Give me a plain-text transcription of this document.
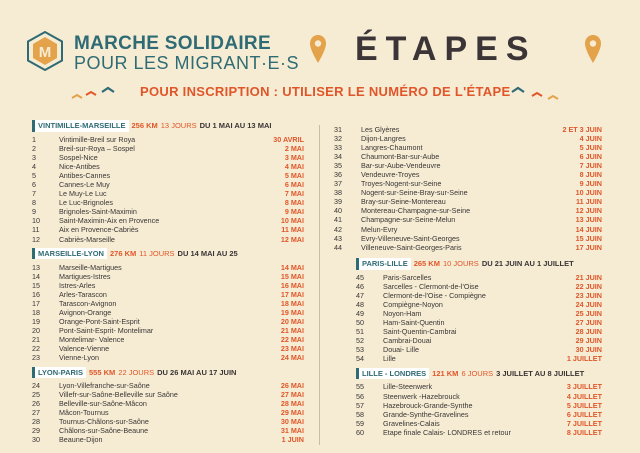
M MARCHE SOLIDAIRE
POUR LES MIGRANT·E·S ÉTAPES
POUR INSCRIPTION : UTILISER LE NUMÉRO DE L'ÉTAPE
VINTIMILLE-MARSEILLE 256 KM 13 JOURS DU 1 MAI AU 13 MAI
1	Vintimille-Breil sur Roya	30 AVRIL
2	Breil-sur-Roya – Sospel	2 MAI
3	Sospel-Nice	3 MAI
4	Nice-Antibes	4 MAI
5	Antibes-Cannes	5 MAI
6	Cannes-Le Muy	6 MAI
7	Le Muy-Le Luc	7 MAI
8	Le Luc-Brignoles	8 MAI
9	Brignoles-Saint-Maximin	9 MAI
10	Saint-Maximin-Aix en Provence	10 MAI
11	Aix en Provence-Cabriès	11 MAI
12	Cabriès-Marseille	12 MAI
MARSEILLE-LYON 276 KM 11 JOURS DU 14 MAI AU 25
13	Marseille-Martigues	14 MAI
14	Martigues-Istres	15 MAI
15	Istres-Arles	16 MAI
16	Arles-Tarascon	17 MAI
17	Tarascon-Avignon	18 MAI
18	Avignon-Orange	19 MAI
19	Orange-Pont-Saint-Esprit	20 MAI
20	Pont-Saint-Esprit- Montelimar	21 MAI
21	Montelimar- Valence	22 MAI
22	Valence-Vienne	23 MAI
23	Vienne-Lyon	24 MAI
LYON-PARIS 555 KM 22 JOURS DU 26 MAI AU 17 JUIN
24	Lyon-Villefranche-sur-Saône	26 MAI
25	Villefr-sur-Saône-Belleville sur Saône	27 MAI
26	Belleville-sur-Saône-Mâcon	28 MAI
27	Mâcon-Tournus	29 MAI
28	Tournus-Châlons-sur-Saône	30 MAI
29	Châlons-sur-Saône-Beaune	31 MAI
30	Beaune-Dijon	1 JUIN
31	Les Glyères	2 ET 3 JUIN
32	Dijon-Langres	4 JUIN
33	Langres-Chaumont	5 JUIN
34	Chaumont-Bar-sur-Aube	6 JUIN
35	Bar-sur-Aube-Vendeuvre	7 JUIN
36	Vendeuvre-Troyes	8 JUIN
37	Troyes-Nogent-sur-Seine	9 JUIN
38	Nogent-sur-Seine-Bray-sur-Seine	10 JUIN
39	Bray-sur-Seine-Montereau	11 JUIN
40	Montereau-Champagne-sur-Seine	12 JUIN
41	Champagne-sur-Seine-Melun	13 JUIN
42	Melun-Evry	14 JUIN
43	Evry-Villeneuve-Saint-Georges	15 JUIN
44	Villeneuve-Saint-Georges-Paris	17 JUIN
PARIS-LILLE 265 KM 10 JOURS DU 21 JUIN AU 1 JUILLET
45	Paris-Sarcelles	21 JUIN
46	Sarcelles - Clermont-de-l'Oise	22 JUIN
47	Clermont-de-l'Oise - Compiègne	23 JUIN
48	Compiègne-Noyon	24 JUIN
49	Noyon-Ham	25 JUIN
50	Ham-Saint-Quentin	27 JUIN
51	Saint-Quentin-Cambrai	28 JUIN
52	Cambrai-Douai	29 JUIN
53	Douai- Lille	30 JUIN
54	Lille	1 JUILLET
LILLE - LONDRES 121 KM 6 JOURS 3 JUILLET AU 8 JUILLET
55	Lille-Steenwerk	3 JUILLET
56	Steenwerk -Hazebrouck	4 JUILLET
57	Hazebrouck-Grande-Synthe	5 JUILLET
58	Grande-Synthe-Gravelines	6 JUILLET
59	Gravelines-Calais	7 JUILLET
60	Etape finale Calais- LONDRES et retour	8 JUILLET
